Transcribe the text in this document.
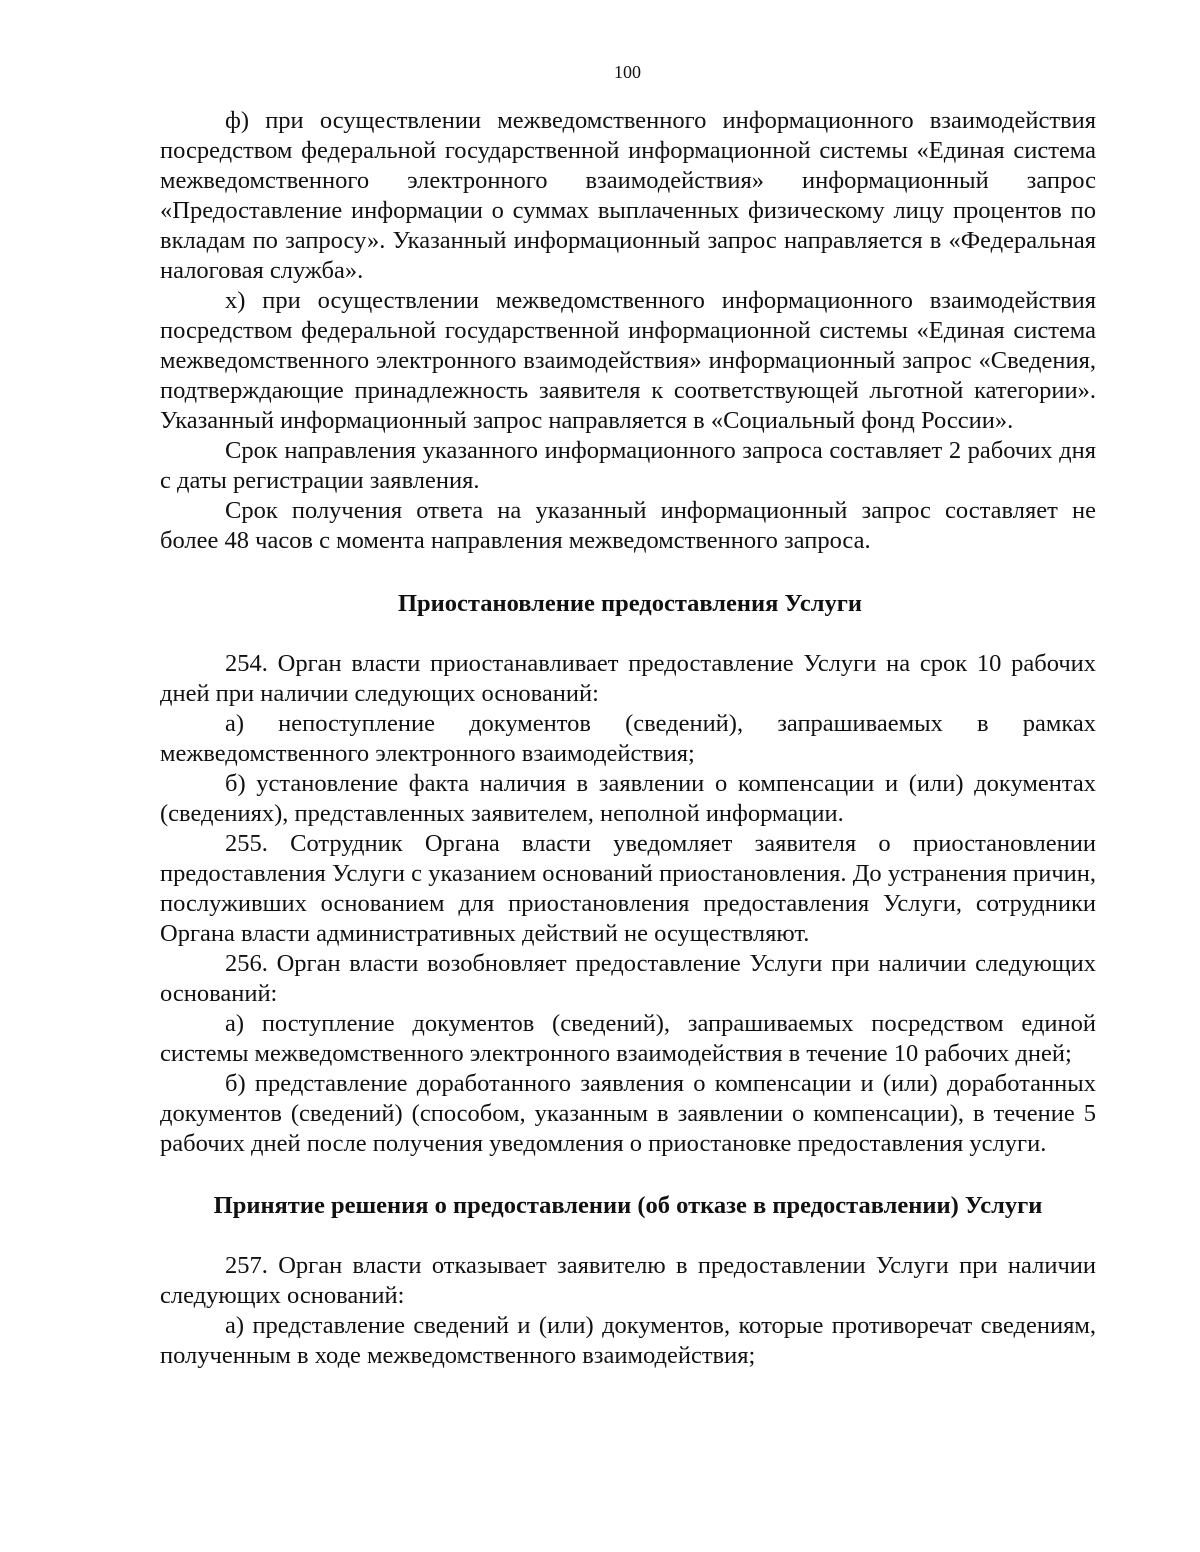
100

ф) при осуществлении межведомственного информационного взаимодействия посредством федеральной государственной информационной системы «Единая система межведомственного электронного взаимодействия» информационный запрос «Предоставление информации о суммах выплаченных физическому лицу процентов по вкладам по запросу». Указанный информационный запрос направляется в «Федеральная налоговая служба».

х) при осуществлении межведомственного информационного взаимодействия посредством федеральной государственной информационной системы «Единая система межведомственного электронного взаимодействия» информационный запрос «Сведения, подтверждающие принадлежность заявителя к соответствующей льготной категории». Указанный информационный запрос направляется в «Социальный фонд России».

Срок направления указанного информационного запроса составляет 2 рабочих дня с даты регистрации заявления.

Срок получения ответа на указанный информационный запрос составляет не более 48 часов с момента направления межведомственного запроса.

Приостановление предоставления Услуги

254. Орган власти приостанавливает предоставление Услуги на срок 10 рабочих дней при наличии следующих оснований:

а) непоступление документов (сведений), запрашиваемых в рамках межведомственного электронного взаимодействия;

б) установление факта наличия в заявлении о компенсации и (или) документах (сведениях), представленных заявителем, неполной информации.

255. Сотрудник Органа власти уведомляет заявителя о приостановлении предоставления Услуги с указанием оснований приостановления. До устранения причин, послуживших основанием для приостановления предоставления Услуги, сотрудники Органа власти административных действий не осуществляют.

256. Орган власти возобновляет предоставление Услуги при наличии следующих оснований:

а) поступление документов (сведений), запрашиваемых посредством единой системы межведомственного электронного взаимодействия в течение 10 рабочих дней;

б) представление доработанного заявления о компенсации и (или) доработанных документов (сведений) (способом, указанным в заявлении о компенсации), в течение 5 рабочих дней после получения уведомления о приостановке предоставления услуги.

Принятие решения о предоставлении (об отказе в предоставлении) Услуги

257. Орган власти отказывает заявителю в предоставлении Услуги при наличии следующих оснований:

а) представление сведений и (или) документов, которые противоречат сведениям, полученным в ходе межведомственного взаимодействия;
